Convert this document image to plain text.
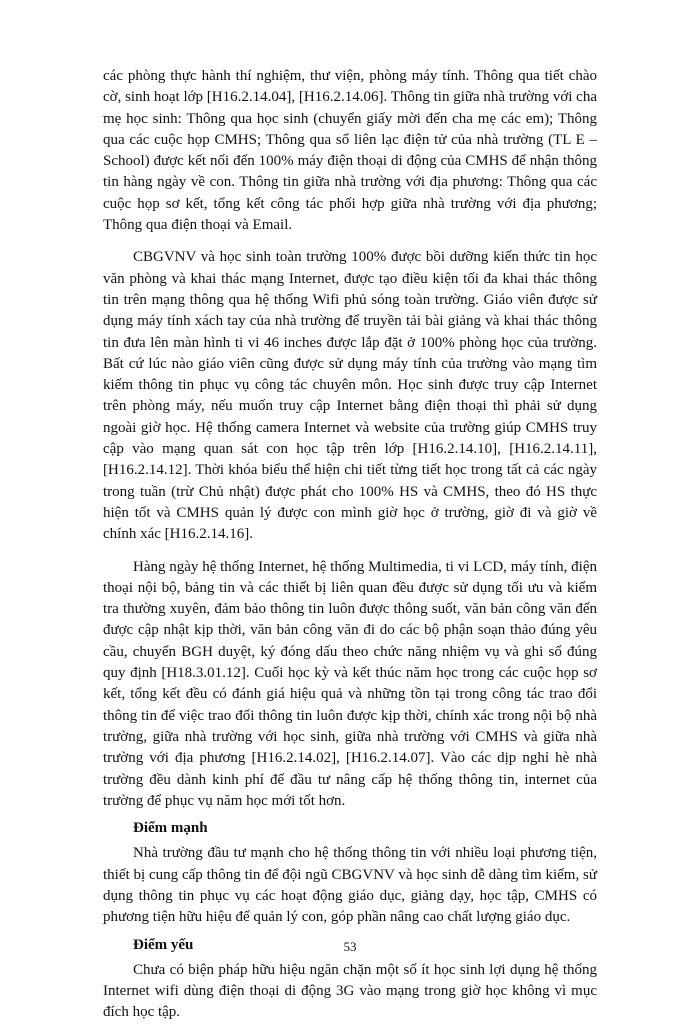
các phòng thực hành thí nghiệm, thư viện, phòng máy tính. Thông qua tiết chào cờ, sinh hoạt lớp [H16.2.14.04], [H16.2.14.06]. Thông tin giữa nhà trường với cha mẹ học sinh: Thông qua học sinh (chuyển giấy mời đến cha mẹ các em); Thông qua các cuộc họp CMHS; Thông qua sổ liên lạc điện tử của nhà trường (TL E – School) được kết nối đến 100% máy điện thoại di động của CMHS để nhận thông tin hàng ngày về con. Thông tin giữa nhà trường với địa phương: Thông qua các cuộc họp sơ kết, tổng kết công tác phối hợp giữa nhà trường với địa phương; Thông qua điện thoại và Email.

CBGVNV và học sinh toàn trường 100% được bồi dưỡng kiến thức tin học văn phòng và khai thác mạng Internet, được tạo điều kiện tối đa khai thác thông tin trên mạng thông qua hệ thống Wifi phủ sóng toàn trường. Giáo viên được sử dụng máy tính xách tay của nhà trường để truyền tải bài giảng và khai thác thông tin đưa lên màn hình ti vi 46 inches được lắp đặt ở 100% phòng học của trường. Bất cứ lúc nào giáo viên cũng được sử dụng máy tính của trường vào mạng tìm kiếm thông tin phục vụ công tác chuyên môn. Học sinh được truy cập Internet trên phòng máy, nếu muốn truy cập Internet bằng điện thoại thì phải sử dụng ngoài giờ học. Hệ thống camera Internet và website của trường giúp CMHS truy cập vào mạng quan sát con học tập trên lớp [H16.2.14.10], [H16.2.14.11], [H16.2.14.12]. Thời khóa biểu thể hiện chi tiết từng tiết học trong tất cả các ngày trong tuần (trừ Chủ nhật) được phát cho 100% HS và CMHS, theo đó HS thực hiện tốt và CMHS quản lý được con mình giờ học ở trường, giờ đi và giờ về chính xác [H16.2.14.16].

Hàng ngày hệ thống Internet, hệ thống Multimedia, ti vi LCD, máy tính, điện thoại nội bộ, bảng tin và các thiết bị liên quan đều được sử dụng tối ưu và kiểm tra thường xuyên, đảm bảo thông tin luôn được thông suốt, văn bản công văn đến được cập nhật kịp thời, văn bản công văn đi do các bộ phận soạn thảo đúng yêu cầu, chuyển BGH duyệt, ký đóng dấu theo chức năng nhiệm vụ và ghi sổ đúng quy định [H18.3.01.12]. Cuối học kỳ và kết thúc năm học trong các cuộc họp sơ kết, tổng kết đều có đánh giá hiệu quả và những tồn tại trong công tác trao đổi thông tin để việc trao đổi thông tin luôn được kịp thời, chính xác trong nội bộ nhà trường, giữa nhà trường với học sinh, giữa nhà trường với CMHS và giữa nhà trường với địa phương [H16.2.14.02], [H16.2.14.07]. Vào các dịp nghỉ hè nhà trường đều dành kinh phí để đầu tư nâng cấp hệ thống thông tin, internet của trường để phục vụ năm học mới tốt hơn.

Điểm mạnh

Nhà trường đầu tư mạnh cho hệ thống thông tin với nhiều loại phương tiện, thiết bị cung cấp thông tin để đội ngũ CBGVNV và học sinh dễ dàng tìm kiếm, sử dụng thông tin phục vụ các hoạt động giáo dục, giảng dạy, học tập, CMHS có phương tiện hữu hiệu để quản lý con, góp phần nâng cao chất lượng giáo dục.

Điểm yếu

Chưa có biện pháp hữu hiệu ngăn chặn một số ít học sinh lợi dụng hệ thống Internet wifi dùng điện thoại di động 3G vào mạng trong giờ học không vì mục đích học tập.

53
